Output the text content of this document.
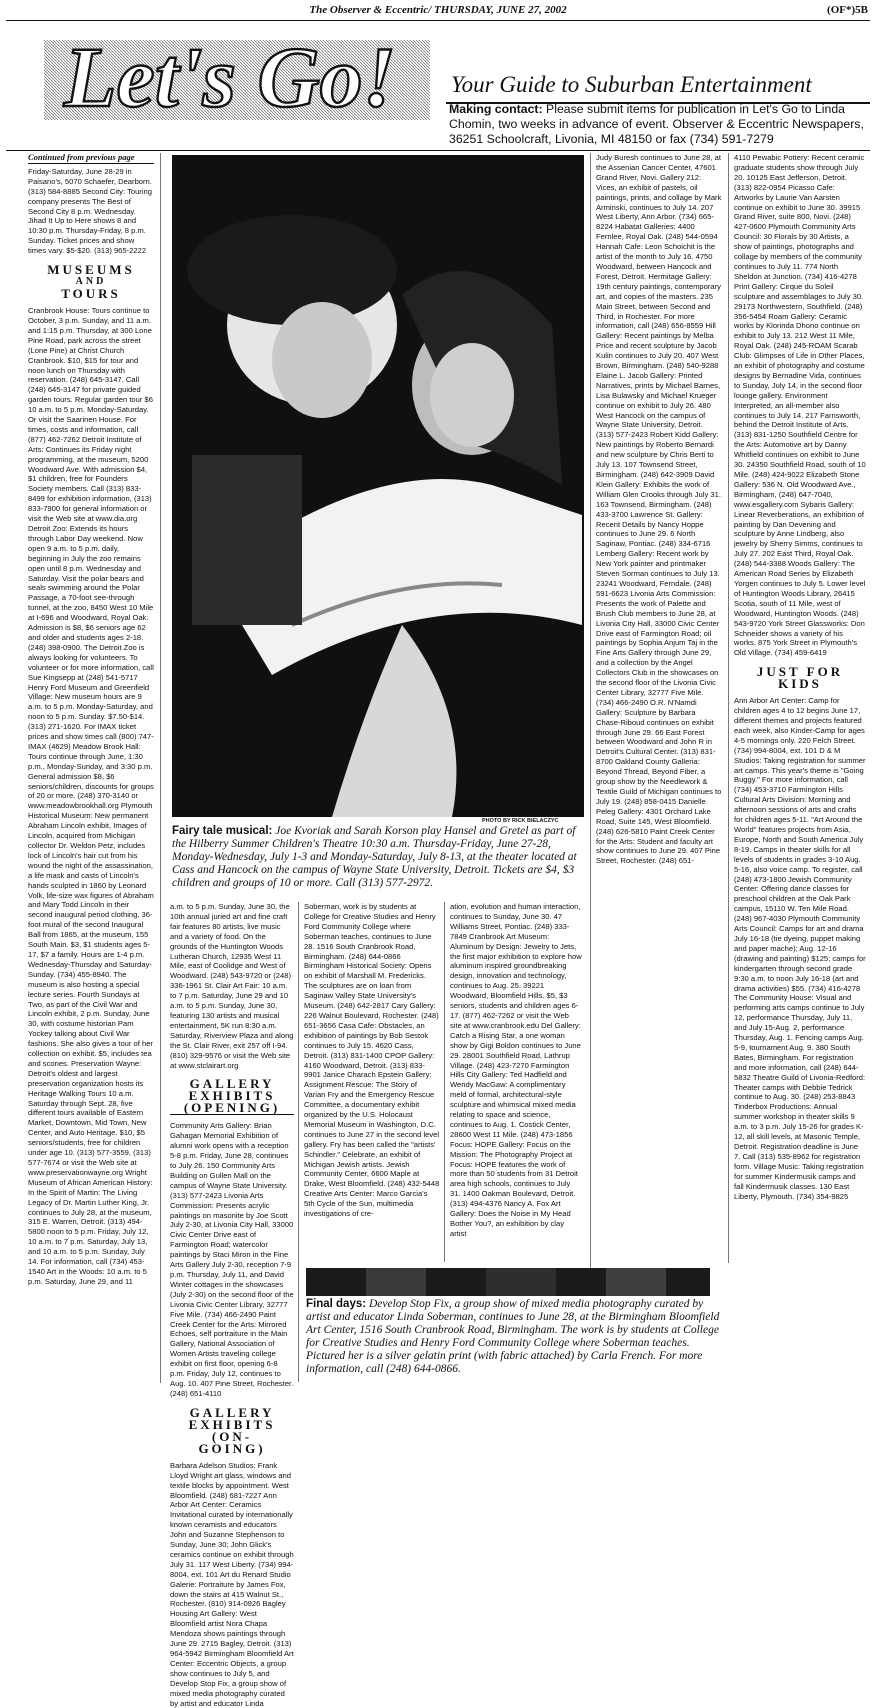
The Observer & Eccentric/ THURSDAY, JUNE 27, 2002	(OF*)5B
Let's Go! Your Guide to Suburban Entertainment
Making contact: Please submit items for publication in Let's Go to Linda Chomin, two weeks in advance of event. Observer & Eccentric Newspapers, 36251 Schoolcraft, Livonia, MI 48150 or fax (734) 591-7279

Continued from previous page

Friday-Saturday, June 28-29 in Paisano's, 5070 Schaefer, Dearborn. (313) 584-8885 Second City: Touring company presents The Best of Second City 8 p.m. Wednesday. Jihad It Up to Here shows 8 and 10:30 p.m. Thursday-Friday, 8 p.m. Sunday. Ticket prices and show times vary. $5-$20. (313) 965-2222

MUSEUMS
AND
TOURS

Cranbrook House: Tours continue to October, 3 p.m. Sunday, and 11 a.m. and 1:15 p.m. Thursday, at 300 Lone Pine Road, park across the street (Lone Pine) at Christ Church Cranbrook. $10, $15 for tour and noon lunch on Thursday with reservation. (248) 645-3147. Call (248) 645-3147 for private guided garden tours. Regular garden tour $6 10 a.m. to 5 p.m. Monday-Saturday. Or visit the Saarinen House. For times, costs and information, call (877) 462-7262 Detroit Institute of Arts: Continues its Friday night programming, at the museum, 5200 Woodward Ave. With admission $4, $1 children, free for Founders Society members. Call (313) 833-8499 for exhibition information, (313) 833-7900 for general information or visit the Web site at www.dia.org Detroit Zoo: Extends its hours through Labor Day weekend. Now open 9 a.m. to 5 p.m. daily, beginning in July the zoo remains open until 8 p.m. Wednesday and Saturday. Visit the polar bears and seals swimming around the Polar Passage, a 70-foot see-through tunnel, at the zoo, 8450 West 10 Mile at I-696 and Woodward, Royal Oak. Admission is $8, $6 seniors age 62 and older and students ages 2-18. (248) 398-0900. The Detroit Zoo is always looking for volunteers. To volunteer or for more information, call Sue Kingsepp at (248) 541-5717 Henry Ford Museum and Greenfield Village: New museum hours are 9 a.m. to 5 p.m. Monday-Saturday, and noon to 5 p.m. Sunday. $7.50-$14. (313) 271-1620. For IMAX ticket prices and show times call (800) 747-IMAX (4629) Meadow Brook Hall: Tours continue through June, 1:30 p.m., Monday-Sunday, and 3:30 p.m. General admission $8, $6 seniors/children, discounts for groups of 20 or more. (248) 370-3140 or www.meadowbrookhall.org Plymouth Historical Museum: New permanent Abraham Lincoln exhibit, Images of Lincoln, acquired from Michigan collector Dr. Weldon Petz, includes lock of Lincoln's hair cut from his wound the night of the assassination, a life mask and casts of Lincoln's hands sculpted in 1860 by Leonard Volk, life-size wax figures of Abraham and Mary Todd Lincoln in their second inaugural period clothing, 36-foot mural of the second Inaugural Ball from 1865, at the museum, 155 South Main. $3, $1 students ages 5-17, $7 a family. Hours are 1-4 p.m. Wednesday-Thursday and Saturday-Sunday. (734) 455-8940. The museum is also hosting a special lecture series. Fourth Sundays at Two, as part of the Civil War and Lincoln exhibit, 2 p.m. Sunday, June 30, with costume historian Pam Yockey talking about Civil War fashions. She also gives a tour of her collection on exhibit. $5, includes tea and scones. Preservation Wayne: Detroit's oldest and largest preservation organization hosts its Heritage Walking Tours 10 a.m. Saturday through Sept. 28, five different tours available of Eastern Market, Downtown, Mid Town, New Center, and Auto Heritage. $10, $5 seniors/students, free for children under age 10. (313) 577-3559, (313) 577-7674 or visit the Web site at www.preservationwayne.org Wright Museum of African American History: In the Spirit of Martin: The Living Legacy of Dr. Martin Luther King, Jr. continues to July 28, at the museum, 315 E. Warren, Detroit. (313) 494-5800 noon to 5 p.m. Friday, July 12, 10 a.m. to 7 p.m. Saturday, July 13, and 10 a.m. to 5 p.m. Sunday, July 14. For information, call (734) 453-1540 Art in the Woods: 10 a.m. to 5 p.m. Saturday, June 29, and 11

PHOTO BY RICK BIELACZYC
Fairy tale musical: Joe Kvoriak and Sarah Korson play Hansel and Gretel as part of the Hilberry Summer Children's Theatre 10:30 a.m. Thursday-Friday, June 27-28, Monday-Wednesday, July 1-3 and Monday-Saturday, July 8-13, at the theater located at Cass and Hancock on the campus of Wayne State University, Detroit. Tickets are $4, $3 children and groups of 10 or more. Call (313) 577-2972.

a.m. to 5 p.m. Sunday, June 30, the 10th annual juried art and fine craft fair features 80 artists, live music and a variety of food. On the grounds of the Huntington Woods Lutheran Church, 12935 West 11 Mile, east of Coolidge and West of Woodward. (248) 543-9720 or (248) 336-1961 St. Clair Art Fair: 10 a.m. to 7 p.m. Saturday, June 29 and 10 a.m. to 5 p.m. Sunday, June 30, featuring 130 artists and musical entertainment, 5K run 8:30 a.m. Saturday, Riverview Plaza and along the St. Clair River, exit 257 off I-94. (810) 329-9576 or visit the Web site at www.stclairart.org

GALLERY
EXHIBITS
(OPENING)

Community Arts Gallery: Brian Gahagan Memorial Exhibition of alumni work opens with a reception 5-8 p.m. Friday, June 28, continues to July 26. 150 Community Arts Building on Gullen Mall on the campus of Wayne State University. (313) 577-2423 Livonia Arts Commission: Presents acrylic paintings on masonite by Joe Scott July 2-30, at Livonia City Hall, 33000 Civic Center Drive east of Farmington Road; watercolor paintings by Staci Miron in the Fine Arts Gallery July 2-30, reception 7-9 p.m. Thursday, July 11, and David Winter cottages in the showcases (July 2-30) on the second floor of the Livonia Civic Center Library, 32777 Five Mile. (734) 466-2490 Paint Creek Center for the Arts: Mirrored Echoes, self portraiture in the Main Gallery, National Association of Women Artists traveling college exhibit on first floor, opening 6-8 p.m. Friday, July 12, continues to Aug. 10. 407 Pine Street, Rochester. (248) 651-4110

GALLERY
EXHIBITS
(ON-
GOING)

Barbara Adelson Studios: Frank Lloyd Wright art glass, windows and textile blocks by appointment. West Bloomfield. (248) 681-7227 Ann Arbor Art Center: Ceramics Invitational curated by internationally known ceramists and educators John and Suzanne Stephenson to Sunday, June 30; John Glick's ceramics continue on exhibit through July 31. 117 West Liberty. (734) 994-8004, ext. 101 Art du Renard Studio Galerie: Portraiture by James Fox, down the stairs at 415 Walnut St., Rochester. (810) 914-0926 Bagley Housing Art Gallery: West Bloomfield artist Nora Chapa Mendoza shows paintings through June 29. 2715 Bagley, Detroit. (313) 964-5942 Birmingham Bloomfield Art Center: Eccentric Objects, a group show continues to July 5, and Develop Stop Fix, a group show of mixed media photography curated by artist and educator Linda

Soberman, work is by students at College for Creative Studies and Henry Ford Community College where Soberman teaches, continues to June 28. 1516 South Cranbrook Road, Birmingham. (248) 644-0866 Birmingham Historical Society: Opens on exhibit of Marshall M. Fredericks. The sculptures are on loan from Saginaw Valley State University's Museum. (248) 642-2817 Cary Gallery: 226 Walnut Boulevard, Rochester. (248) 651-3656 Casa Cafe: Obstacles, an exhibition of paintings by Bob Sestok continues to July 15. 4620 Cass, Detroit. (313) 831-1400 CPOP Gallery: 4160 Woodward, Detroit. (313) 833-9901 Janice Charach Epstein Gallery: Assignment Rescue: The Story of Varian Fry and the Emergency Rescue Committee, a documentary exhibit organized by the U.S. Holocaust Memorial Museum in Washington, D.C. continues to June 27 in the second level gallery. Fry has been called the "artists' Schindler." Celebrate, an exhibit of Michigan Jewish artists. Jewish Community Center, 6600 Maple at Drake, West Bloomfield. (248) 432-5448 Creative Arts Center: Marco Garcia's 5th Cycle of the Sun, multimedia investigations of cre-

ation, evolution and human interaction, continues to Sunday, June 30. 47 Williams Street, Pontiac. (248) 333-7849 Cranbrook Art Museum: Aluminum by Design: Jewelry to Jets, the first major exhibition to explore how aluminum inspired groundbreaking design, innovation and technology, continues to Aug. 25. 39221 Woodward, Bloomfield Hills. $5, $3 seniors, students and children ages 6-17. (877) 462-7262 or visit the Web site at www.cranbrook.edu Del Gallery: Catch a Rising Star, a one woman show by Gigi Boldon continues to June 29. 28001 Southfield Road, Lathrup Village. (248) 423-7270 Farmington Hills City Gallery: Ted Hadfield and Wendy MacGaw: A complimentary meld of formal, architectural-style sculpture and whimsical mixed media relating to space and science, continues to Aug. 1. Costick Center, 28600 West 11 Mile. (248) 473-1856 Focus: HOPE Gallery: Focus on the Mission: The Photography Project at Focus: HOPE features the work of more than 50 students from 31 Detroit area high schools, continues to July 31. 1400 Oakman Boulevard, Detroit. (313) 494-4376 Nancy A. Fox Art Gallery: Does the Noise in My Head Bother You?, an exhibition by clay artist

Judy Buresh continues to June 28, at the Assenian Cancer Center, 47601 Grand River, Novi. Gallery 212: Vices, an exhibit of pastels, oil paintings, prints, and collage by Mark Arminski, continues to July 14. 207 West Liberty, Ann Arbor. (734) 665-8224 Habatat Galleries: 4400 Fernlee, Royal Oak. (248) 544-0594 Hannah Cafe: Leon Schoichit is the artist of the month to July 16. 4750 Woodward, between Hancock and Forest, Detroit. Hermitage Gallery: 19th century paintings, contemporary art, and copies of the masters. 235 Main Street, between Second and Third, in Rochester. For more information, call (248) 656-8559 Hill Gallery: Recent paintings by Melba Price and recent sculpture by Jacob Kulin continues to July 20. 407 West Brown, Birmingham. (248) 540-9288 Elaine L. Jacob Gallery: Printed Narratives, prints by Michael Barnes, Lisa Bulawsky and Michael Krueger continue on exhibit to July 26. 480 West Hancock on the campus of Wayne State University, Detroit. (313) 577-2423 Robert Kidd Gallery: New paintings by Roberto Bernardi and new sculpture by Chris Berti to July 13. 107 Townsend Street, Birmingham. (248) 642-3909 David Klein Gallery: Exhibits the work of William Glen Crooks through July 31. 163 Townsend, Birmingham. (248) 433-3700 Lawrence St. Gallery: Recent Details by Nancy Hoppe continues to June 29. 6 North Saginaw, Pontiac. (248) 334-6716 Lemberg Gallery: Recent work by New York painter and printmaker Steven Sorman continues to July 13. 23241 Woodward, Ferndale. (248) 591-6623 Livonia Arts Commission: Presents the work of Palette and Brush Club members to June 28, at Livonia City Hall, 33000 Civic Center Drive east of Farmington Road; oil paintings by Sophia Anjum Taj in the Fine Arts Gallery through June 29, and a collection by the Angel Collectors Club in the showcases on the second floor of the Livonia Civic Center Library, 32777 Five Mile. (734) 466-2490 O.R. N'Namdi Gallery: Sculpture by Barbara Chase-Riboud continues on exhibit through June 29. 66 East Forest between Woodward and John R in Detroit's Cultural Center. (313) 831-8700 Oakland County Galleria: Beyond Thread, Beyond Fiber, a group show by the Needlework & Textile Guild of Michigan continues to July 19. (248) 858-0415 Danielle Peleg Gallery: 4301 Orchard Lake Road, Suite 145, West Bloomfield. (248) 626-5810 Paint Creek Center for the Arts: Student and faculty art show continues to June 29. 407 Pine Street, Rochester. (248) 651-

4110 Pewabic Pottery: Recent ceramic graduate students show through July 20. 10125 East Jefferson, Detroit. (313) 822-0954 Picasso Cafe: Artworks by Laurie Van Aarsten continue on exhibit to June 30. 39915 Grand River, suite 800, Novi. (248) 427-0600 Plymouth Community Arts Council: 30 Florals by 30 Artists, a show of paintings, photographs and collage by members of the community continues to July 11. 774 North Sheldon at Junction. (734) 416-4278 Print Gallery: Cirque du Soleil sculpture and assemblages to July 30. 29173 Northwestern, Southfield. (248) 356-5454 Roam Gallery: Ceramic works by Klorinda Dhono continue on exhibit to July 13. 212 West 11 Mile, Royal Oak. (248) 245-ROAM Scarab Club: Glimpses of Life in Other Places, an exhibit of photography and costume designs by Bernadine Vida, continues to Sunday, July 14, in the second floor lounge gallery. Environment Interpreted, an all-member also continues to July 14. 217 Farnsworth, behind the Detroit Institute of Arts. (313) 831-1250 Southfield Centre for the Arts: Automotive art by Danny Whitfield continues on exhibit to June 30. 24350 Southfield Road, south of 10 Mile. (248) 424-9022 Elizabeth Stone Gallery: 536 N. Old Woodward Ave., Birmingham, (248) 647-7040, www.esgallery.com Sybaris Gallery: Linear Reverberations, an exhibition of painting by Dan Devening and sculpture by Anne Lindberg, also jewelry by Sherry Simms, continues to July 27. 202 East Third, Royal Oak. (248) 544-3388 Woods Gallery: The American Road Series by Elizabeth Yorgen continues to July 5. Lower level of Huntington Woods Library, 26415 Scotia, south of 11 Mile, west of Woodward, Huntington Woods. (248) 543-9720 York Street Glassworks: Don Schneider shows a variety of his works. 875 York Street in Plymouth's Old Village. (734) 459-6419

JUST FOR
KIDS

Ann Arbor Art Center: Camp for children ages 4 to 12 begins June 17, different themes and projects featured each week, also Kinder-Camp for ages 4-5 mornings only. 220 Felch Street. (734) 994-8004, ext. 101 D & M Studios: Taking registration for summer art camps. This year's theme is "Going Buggy." For more information, call (734) 453-3710 Farmington Hills Cultural Arts Division: Morning and afternoon sessions of arts and crafts for children ages 5-11. "Art Around the World" features projects from Asia, Europe, North and South America July 8-19. Camps in theater skills for all levels of students in grades 3-10 Aug. 5-16, also voice camp. To register, call (248) 473-1800 Jewish Community Center: Offering dance classes for preschool children at the Oak Park campus, 15110 W. Ten Mile Road. (248) 967-4030 Plymouth Community Arts Council: Camps for art and drama July 16-18 (tie dyeing, puppet making and paper mache); Aug. 12-16 (drawing and painting) $125; camps for kindergarten through second grade 9:30 a.m. to noon July 16-18 (art and drama activities) $55. (734) 416-4278 The Community House: Visual and performing arts camps continue to July 12, performance Thursday, July 11, and July 15-Aug. 2, performance Thursday, Aug. 1. Fencing camps Aug. 5-9, tournament Aug. 9. 380 South Bates, Birmingham. For registration and more information, call (248) 644-5832 Theatre Guild of Livonia-Redford: Theater camps with Debbie Tedrick continue to Aug. 30. (248) 253-8843 Tinderbox Productions: Annual summer workshop in theater skills 9 a.m. to 3 p.m. July 15-26 for grades K-12, all skill levels, at Masonic Temple, Detroit. Registration deadline is June 7. Call (313) 535-8962 for registration form. Village Music: Taking registration for summer Kindermusik camps and fall Kindermusik classes. 130 East Liberty, Plymouth. (734) 354-9825

Final days: Develop Stop Fix, a group show of mixed media photography curated by artist and educator Linda Soberman, continues to June 28, at the Birmingham Bloomfield Art Center, 1516 South Cranbrook Road, Birmingham. The work is by students at College for Creative Studies and Henry Ford Community College where Soberman teaches. Pictured her is a silver gelatin print (with fabric attached) by Carla French. For more information, call (248) 644-0866.
